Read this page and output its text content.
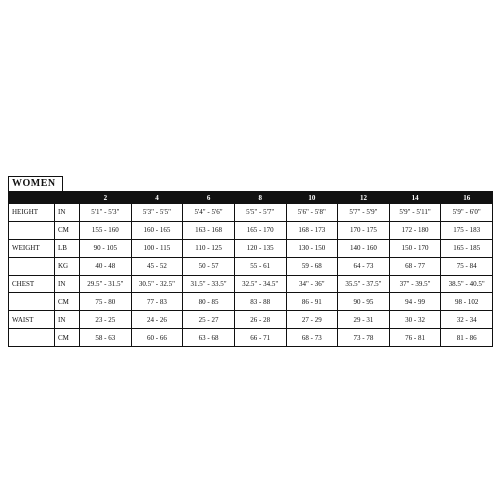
WOMEN
		2	4	6	8	10	12	14	16
HEIGHT	IN	5'1" - 5'3"	5'3" - 5'5"	5'4" - 5'6"	5'5" - 5'7"	5'6" - 5'8"	5'7" - 5'9"	5'9" - 5'11"	5'9" - 6'0"
	CM	155 - 160	160 - 165	163 - 168	165 - 170	168 - 173	170 - 175	172 - 180	175 - 183
WEIGHT	LB	90 - 105	100 - 115	110 - 125	120 - 135	130 - 150	140 - 160	150 - 170	165 - 185
	KG	40 - 48	45 - 52	50 - 57	55 - 61	59 - 68	64 - 73	68 - 77	75 - 84
CHEST	IN	29.5" - 31.5"	30.5" - 32.5"	31.5" - 33.5"	32.5" - 34.5"	34" - 36"	35.5" - 37.5"	37" - 39.5"	38.5" - 40.5"
	CM	75 - 80	77 - 83	80 - 85	83 - 88	86 - 91	90 - 95	94 - 99	98 - 102
WAIST	IN	23 - 25	24 - 26	25 - 27	26 - 28	27 - 29	29 - 31	30 - 32	32 - 34
	CM	58 - 63	60 - 66	63 - 68	66 - 71	68 - 73	73 - 78	76 - 81	81 - 86
